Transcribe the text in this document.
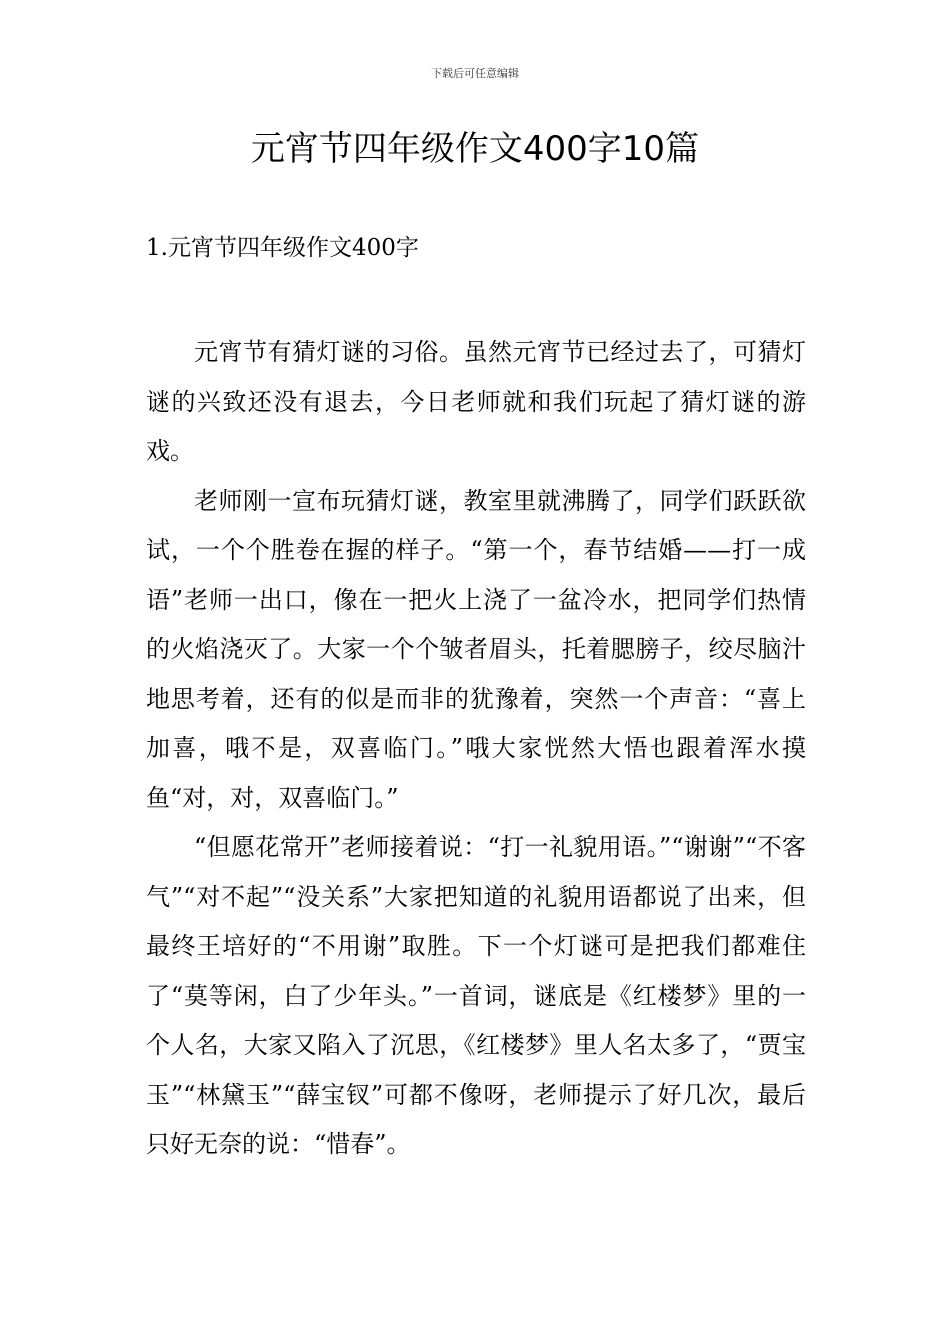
下载后可任意编辑
元宵节四年级作文400字10篇
1.元宵节四年级作文400字

元宵节有猜灯谜的习俗。虽然元宵节已经过去了，可猜灯谜的兴致还没有退去，今日老师就和我们玩起了猜灯谜的游戏。

老师刚一宣布玩猜灯谜，教室里就沸腾了，同学们跃跃欲试，一个个胜卷在握的样子。“第一个，春节结婚——打一成语”老师一出口，像在一把火上浇了一盆冷水，把同学们热情的火焰浇灭了。大家一个个皱者眉头，托着腮膀子，绞尽脑汁地思考着，还有的似是而非的犹豫着，突然一个声音：“喜上加喜，哦不是，双喜临门。”哦大家恍然大悟也跟着浑水摸鱼“对，对，双喜临门。”

“但愿花常开”老师接着说：“打一礼貌用语。”“谢谢”“不客气”“对不起”“没关系”大家把知道的礼貌用语都说了出来，但最终王培好的“不用谢”取胜。下一个灯谜可是把我们都难住了“莫等闲，白了少年头。”一首词，谜底是《红楼梦》里的一个人名，大家又陷入了沉思，《红楼梦》里人名太多了，“贾宝玉”“林黛玉”“薛宝钗”可都不像呀，老师提示了好几次，最后只好无奈的说：“惜春”。
